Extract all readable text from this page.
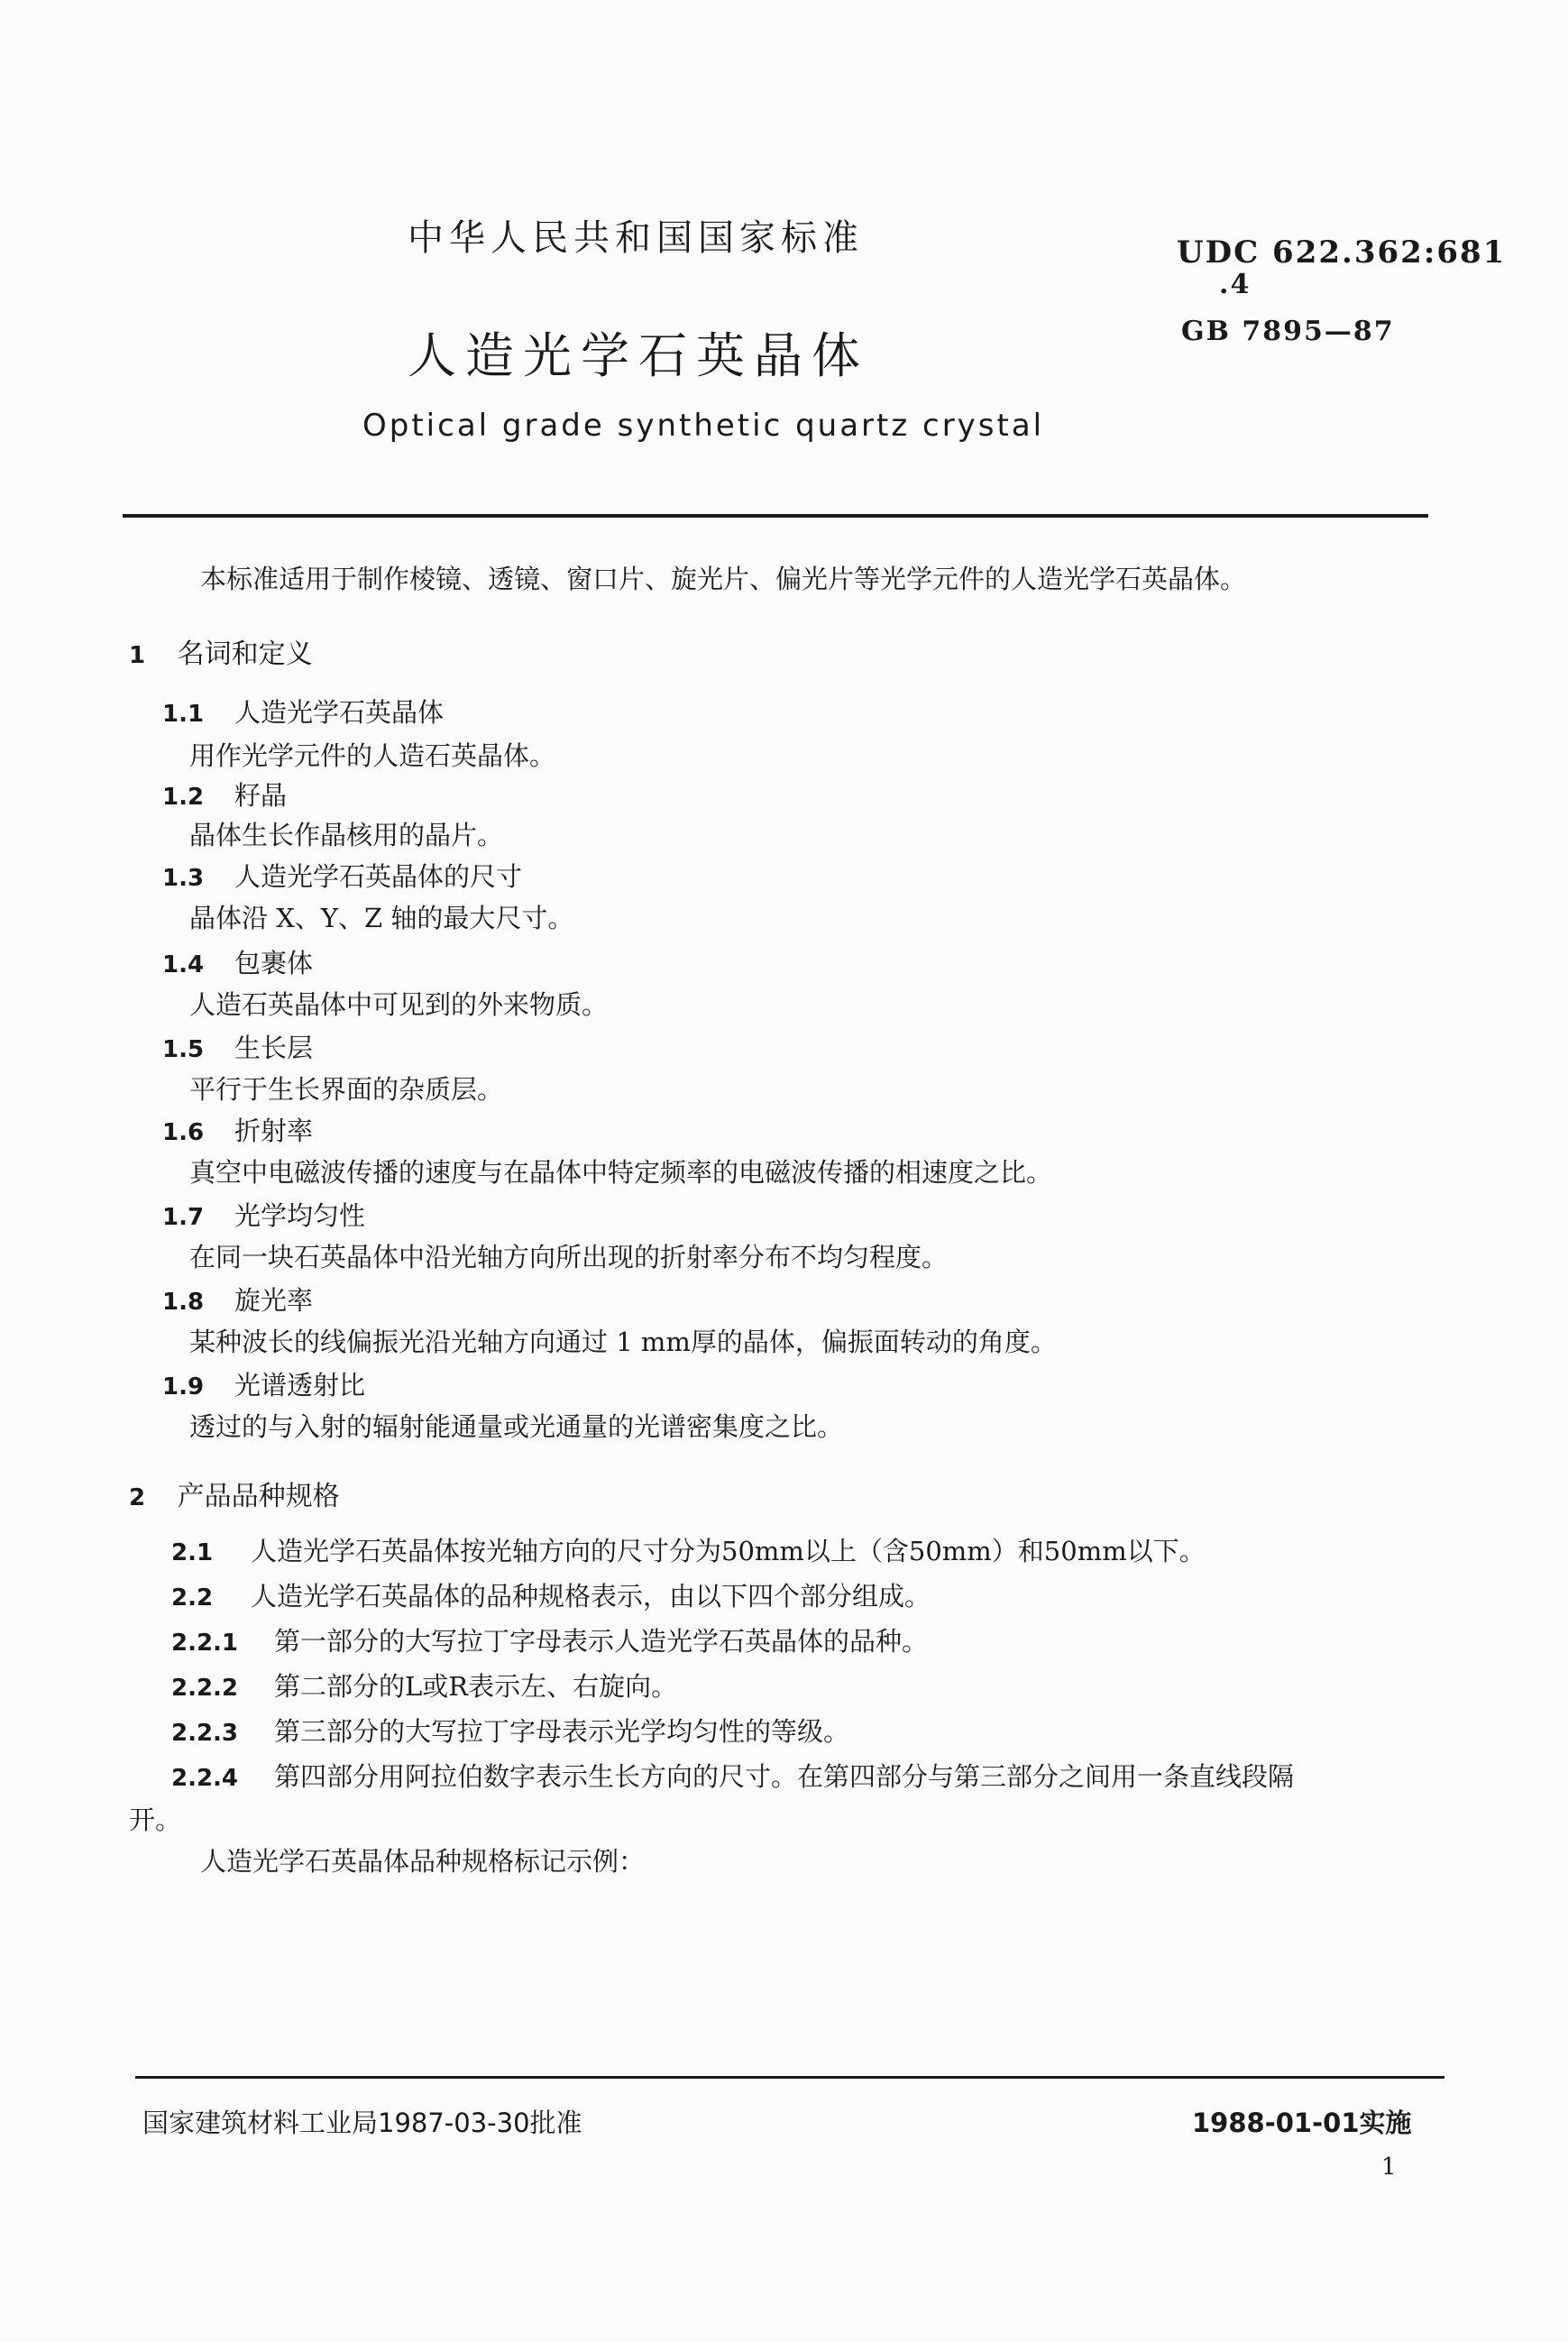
中华人民共和国国家标准
人造光学石英晶体
Optical grade synthetic quartz crystal
UDC 622.362:681
.4
GB 7895—87
本标准适用于制作棱镜、透镜、窗口片、旋光片、偏光片等光学元件的人造光学石英晶体。
1 名词和定义
1.1 人造光学石英晶体
用作光学元件的人造石英晶体。
1.2 籽晶
晶体生长作晶核用的晶片。
1.3 人造光学石英晶体的尺寸
晶体沿 X、Y、Z 轴的最大尺寸。
1.4 包裹体
人造石英晶体中可见到的外来物质。
1.5 生长层
平行于生长界面的杂质层。
1.6 折射率
真空中电磁波传播的速度与在晶体中特定频率的电磁波传播的相速度之比。
1.7 光学均匀性
在同一块石英晶体中沿光轴方向所出现的折射率分布不均匀程度。
1.8 旋光率
某种波长的线偏振光沿光轴方向通过 1 mm厚的晶体，偏振面转动的角度。
1.9 光谱透射比
透过的与入射的辐射能通量或光通量的光谱密集度之比。
2 产品品种规格
2.1 人造光学石英晶体按光轴方向的尺寸分为50mm以上（含50mm）和50mm以下。
2.2 人造光学石英晶体的品种规格表示，由以下四个部分组成。
2.2.1 第一部分的大写拉丁字母表示人造光学石英晶体的品种。
2.2.2 第二部分的L或R表示左、右旋向。
2.2.3 第三部分的大写拉丁字母表示光学均匀性的等级。
2.2.4 第四部分用阿拉伯数字表示生长方向的尺寸。在第四部分与第三部分之间用一条直线段隔
开。
人造光学石英晶体品种规格标记示例：
国家建筑材料工业局1987-03-30批准	1988-01-01实施
1
